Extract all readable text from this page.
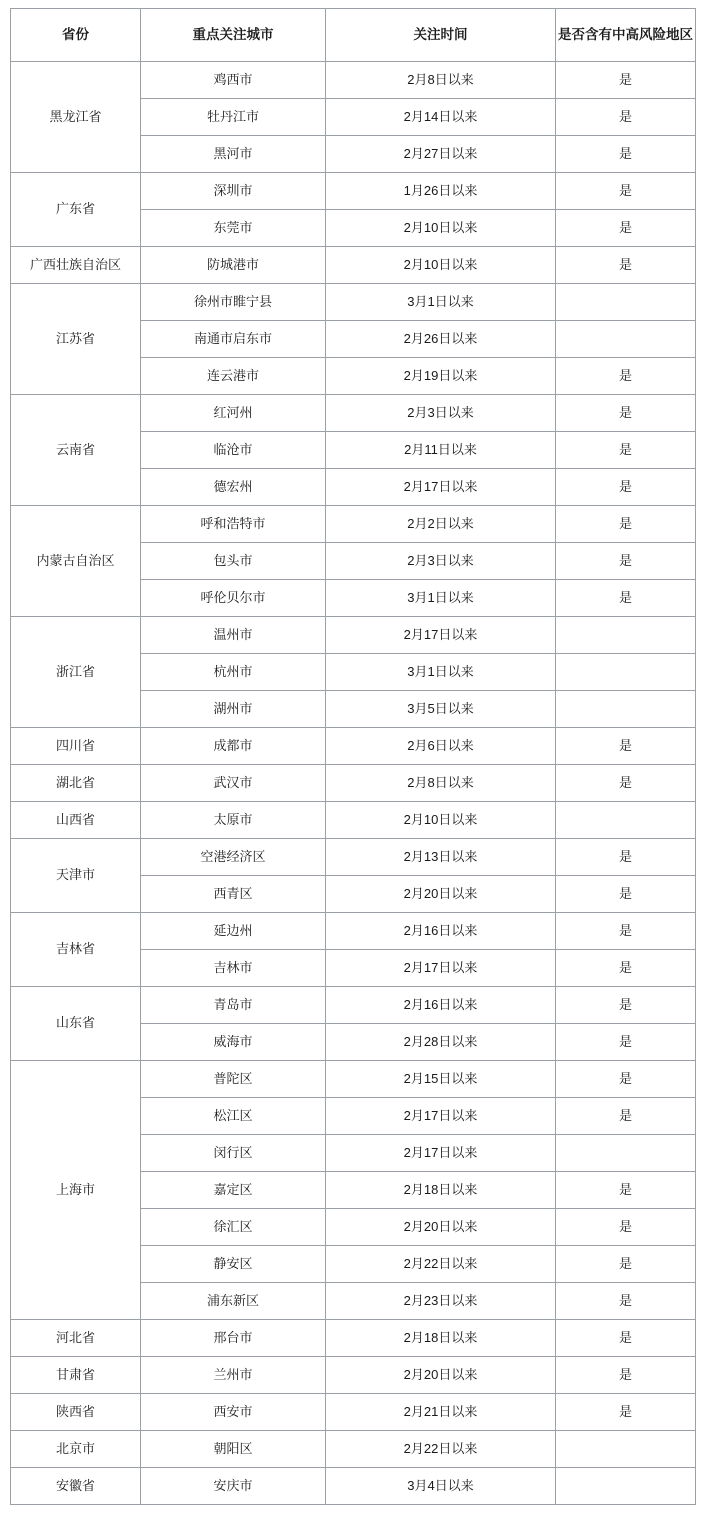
省份	重点关注城市	关注时间	是否含有中高风险地区
黑龙江省	鸡西市	2月8日以来	是
	牡丹江市	2月14日以来	是
	黑河市	2月27日以来	是
广东省	深圳市	1月26日以来	是
	东莞市	2月10日以来	是
广西壮族自治区	防城港市	2月10日以来	是
江苏省	徐州市睢宁县	3月1日以来	
	南通市启东市	2月26日以来	
	连云港市	2月19日以来	是
云南省	红河州	2月3日以来	是
	临沧市	2月11日以来	是
	德宏州	2月17日以来	是
内蒙古自治区	呼和浩特市	2月2日以来	是
	包头市	2月3日以来	是
	呼伦贝尔市	3月1日以来	是
浙江省	温州市	2月17日以来	
	杭州市	3月1日以来	
	湖州市	3月5日以来	
四川省	成都市	2月6日以来	是
湖北省	武汉市	2月8日以来	是
山西省	太原市	2月10日以来	
天津市	空港经济区	2月13日以来	是
	西青区	2月20日以来	是
吉林省	延边州	2月16日以来	是
	吉林市	2月17日以来	是
山东省	青岛市	2月16日以来	是
	威海市	2月28日以来	是
上海市	普陀区	2月15日以来	是
	松江区	2月17日以来	是
	闵行区	2月17日以来	
	嘉定区	2月18日以来	是
	徐汇区	2月20日以来	是
	静安区	2月22日以来	是
	浦东新区	2月23日以来	是
河北省	邢台市	2月18日以来	是
甘肃省	兰州市	2月20日以来	是
陕西省	西安市	2月21日以来	是
北京市	朝阳区	2月22日以来	
安徽省	安庆市	3月4日以来	
